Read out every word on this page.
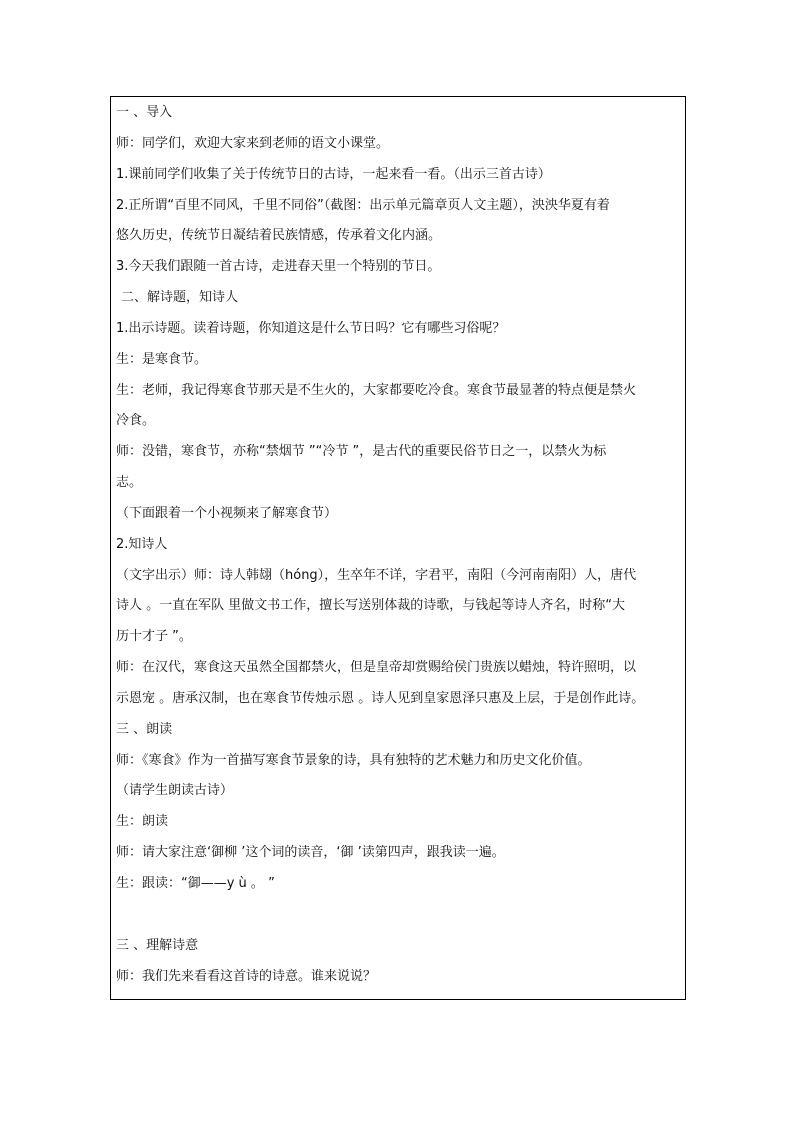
一 、导入
师：同学们，欢迎大家来到老师的语文小课堂。
1.课前同学们收集了关于传统节日的古诗，一起来看一看。（出示三首古诗）
2.正所谓“百里不同风，千里不同俗”（截图：出示单元篇章页人文主题），泱泱华夏有着
悠久历史，传统节日凝结着民族情感，传承着文化内涵。
3.今天我们跟随一首古诗，走进春天里一个特别的节日。
二、解诗题，知诗人
1.出示诗题。读着诗题，你知道这是什么节日吗？它有哪些习俗呢？
生：是寒食节。
生：老师，我记得寒食节那天是不生火的，大家都要吃冷食。寒食节最显著的特点便是禁火
冷食。
师：没错，寒食节，亦称“禁烟节 ”“冷节 ”，是古代的重要民俗节日之一，以禁火为标
志。
（下面跟着一个小视频来了解寒食节）
2.知诗人
（文字出示）师：诗人韩翃（hóng），生卒年不详，字君平，南阳（今河南南阳）人，唐代
诗人 。一直在军队 里做文书工作，擅长写送别体裁的诗歌，与钱起等诗人齐名，时称“大
历十才子 ”。
师：在汉代，寒食这天虽然全国都禁火，但是皇帝却赏赐给侯门贵族以蜡烛，特许照明，以
示恩宠 。唐承汉制，也在寒食节传烛示恩 。诗人见到皇家恩泽只惠及上层，于是创作此诗。
三 、朗读
师：《寒食》作为一首描写寒食节景象的诗，具有独特的艺术魅力和历史文化价值。
（请学生朗读古诗）
生：朗读
师：请大家注意‘御柳 ’这个词的读音，‘御 ’读第四声，跟我读一遍。
生：跟读：“御——y ù 。 ”
三 、理解诗意
师：我们先来看看这首诗的诗意。谁来说说？
